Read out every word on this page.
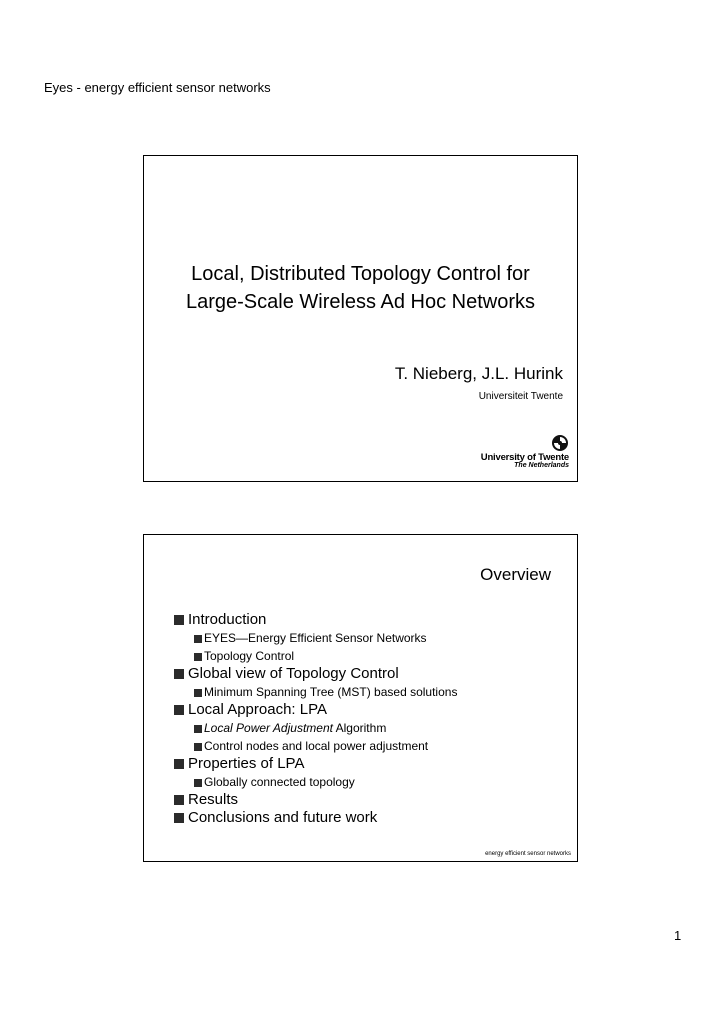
Eyes - energy efficient sensor networks
Local, Distributed Topology Control for
Large-Scale Wireless Ad Hoc Networks
T. Nieberg, J.L. Hurink
Universiteit Twente
University of Twente
The Netherlands
Overview
Introduction
EYES—Energy Efficient Sensor Networks
Topology Control
Global view of Topology Control
Minimum Spanning Tree (MST) based solutions
Local Approach: LPA
Local Power Adjustment Algorithm
Control nodes and local power adjustment
Properties of LPA
Globally connected topology
Results
Conclusions and future work
energy efficient sensor networks
1
